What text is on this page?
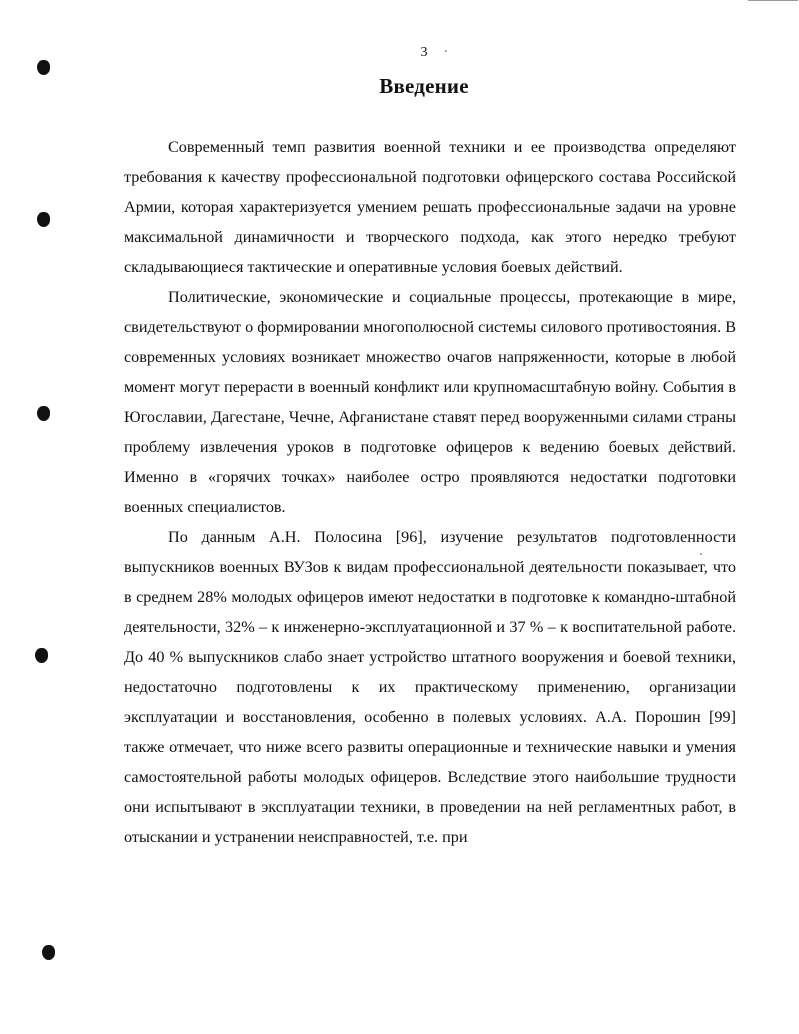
3
Введение

Современный темп развития военной техники и ее производства определяют требования к качеству профессиональной подготовки офицерского состава Российской Армии, которая характеризуется умением решать профессиональные задачи на уровне максимальной динамичности и творческого подхода, как этого нередко требуют складывающиеся тактические и оперативные условия боевых действий.

Политические, экономические и социальные процессы, протекающие в мире, свидетельствуют о формировании многополюсной системы силового противостояния. В современных условиях возникает множество очагов напряженности, которые в любой момент могут перерасти в военный конфликт или крупномасштабную войну. События в Югославии, Дагестане, Чечне, Афганистане ставят перед вооруженными силами страны проблему извлечения уроков в подготовке офицеров к ведению боевых действий. Именно в «горячих точках» наиболее остро проявляются недостатки подготовки военных специалистов.

По данным А.Н. Полосина [96], изучение результатов подготовленности выпускников военных ВУЗов к видам профессиональной деятельности показывает, что в среднем 28% молодых офицеров имеют недостатки в подготовке к командно-штабной деятельности, 32% – к инженерно-эксплуатационной и 37 % – к воспитательной работе. До 40 % выпускников слабо знает устройство штатного вооружения и боевой техники, недостаточно подготовлены к их практическому применению, организации эксплуатации и восстановления, особенно в полевых условиях. А.А. Порошин [99] также отмечает, что ниже всего развиты операционные и технические навыки и умения самостоятельной работы молодых офицеров. Вследствие этого наибольшие трудности они испытывают в эксплуатации техники, в проведении на ней регламентных работ, в отыскании и устранении неисправностей, т.е. при
